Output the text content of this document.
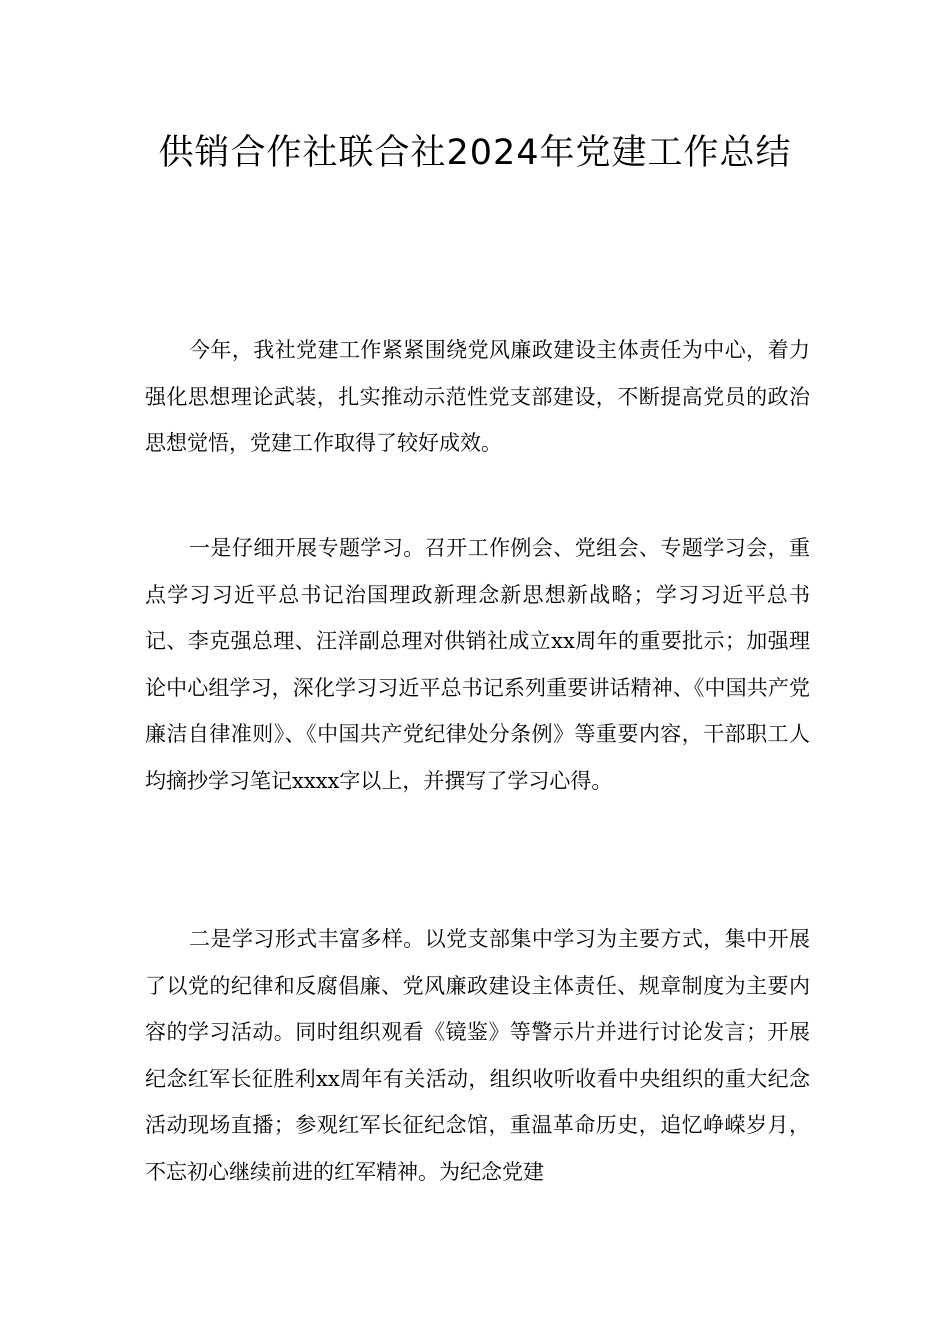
供销合作社联合社2024年党建工作总结

今年，我社党建工作紧紧围绕党风廉政建设主体责任为中心，着力强化思想理论武装，扎实推动示范性党支部建设，不断提高党员的政治思想觉悟，党建工作取得了较好成效。

一是仔细开展专题学习。召开工作例会、党组会、专题学习会，重点学习习近平总书记治国理政新理念新思想新战略；学习习近平总书记、李克强总理、汪洋副总理对供销社成立xx周年的重要批示；加强理论中心组学习，深化学习习近平总书记系列重要讲话精神、《中国共产党廉洁自律准则》、《中国共产党纪律处分条例》等重要内容，干部职工人均摘抄学习笔记xxxx字以上，并撰写了学习心得。

二是学习形式丰富多样。以党支部集中学习为主要方式，集中开展了以党的纪律和反腐倡廉、党风廉政建设主体责任、规章制度为主要内容的学习活动。同时组织观看《镜鉴》等警示片并进行讨论发言；开展纪念红军长征胜利xx周年有关活动，组织收听收看中央组织的重大纪念活动现场直播；参观红军长征纪念馆，重温革命历史，追忆峥嵘岁月，不忘初心继续前进的红军精神。为纪念党建
